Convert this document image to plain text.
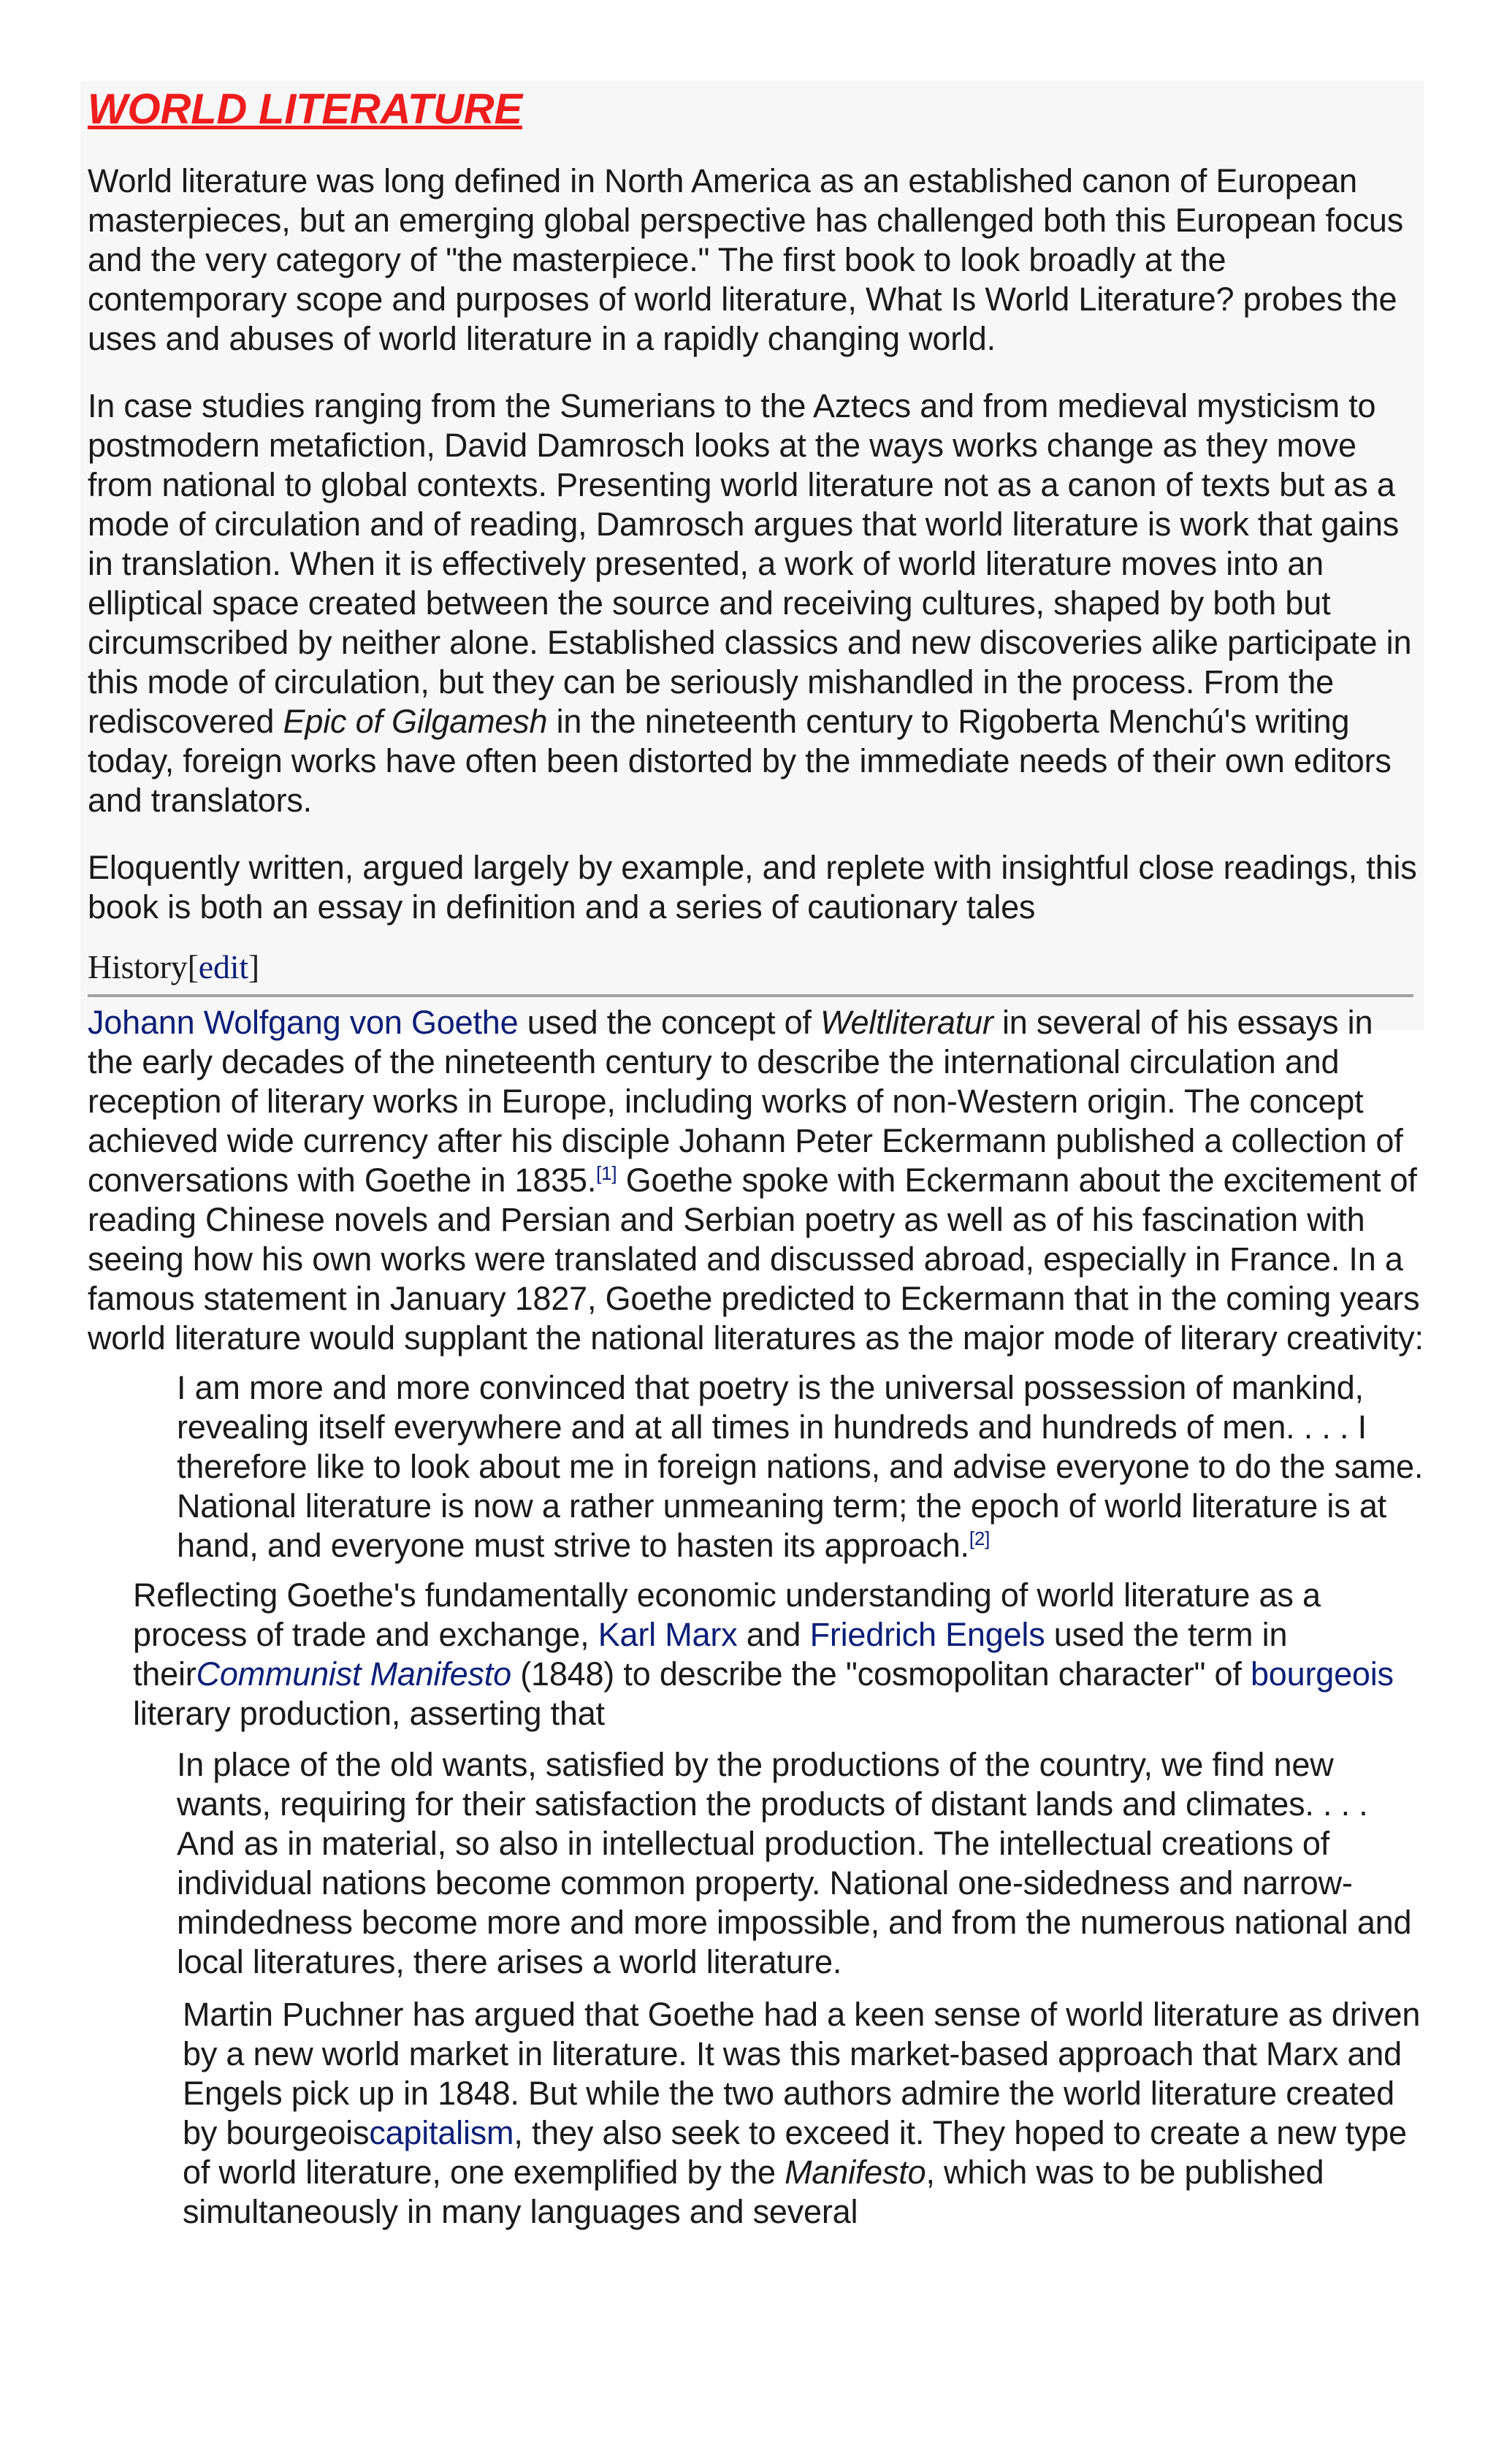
WORLD LITERATURE

World literature was long defined in North America as an established canon of European masterpieces, but an emerging global perspective has challenged both this European focus and the very category of "the masterpiece." The first book to look broadly at the contemporary scope and purposes of world literature, What Is World Literature? probes the uses and abuses of world literature in a rapidly changing world.

In case studies ranging from the Sumerians to the Aztecs and from medieval mysticism to postmodern metafiction, David Damrosch looks at the ways works change as they move from national to global contexts. Presenting world literature not as a canon of texts but as a mode of circulation and of reading, Damrosch argues that world literature is work that gains in translation. When it is effectively presented, a work of world literature moves into an elliptical space created between the source and receiving cultures, shaped by both but circumscribed by neither alone. Established classics and new discoveries alike participate in this mode of circulation, but they can be seriously mishandled in the process. From the rediscovered Epic of Gilgamesh in the nineteenth century to Rigoberta Menchú's writing today, foreign works have often been distorted by the immediate needs of their own editors and translators.

Eloquently written, argued largely by example, and replete with insightful close readings, this book is both an essay in definition and a series of cautionary tales

History[edit]

Johann Wolfgang von Goethe used the concept of Weltliteratur in several of his essays in the early decades of the nineteenth century to describe the international circulation and reception of literary works in Europe, including works of non-Western origin. The concept achieved wide currency after his disciple Johann Peter Eckermann published a collection of conversations with Goethe in 1835.[1] Goethe spoke with Eckermann about the excitement of reading Chinese novels and Persian and Serbian poetry as well as of his fascination with seeing how his own works were translated and discussed abroad, especially in France. In a famous statement in January 1827, Goethe predicted to Eckermann that in the coming years world literature would supplant the national literatures as the major mode of literary creativity:

I am more and more convinced that poetry is the universal possession of mankind, revealing itself everywhere and at all times in hundreds and hundreds of men. . . . I therefore like to look about me in foreign nations, and advise everyone to do the same. National literature is now a rather unmeaning term; the epoch of world literature is at hand, and everyone must strive to hasten its approach.[2]

Reflecting Goethe's fundamentally economic understanding of world literature as a process of trade and exchange, Karl Marx and Friedrich Engels used the term in theirCommunist Manifesto (1848) to describe the "cosmopolitan character" of bourgeois literary production, asserting that

In place of the old wants, satisfied by the productions of the country, we find new wants, requiring for their satisfaction the products of distant lands and climates. . . . And as in material, so also in intellectual production. The intellectual creations of individual nations become common property. National one-sidedness and narrow-mindedness become more and more impossible, and from the numerous national and local literatures, there arises a world literature.

Martin Puchner has argued that Goethe had a keen sense of world literature as driven by a new world market in literature. It was this market-based approach that Marx and Engels pick up in 1848. But while the two authors admire the world literature created by bourgeoiscapitalism, they also seek to exceed it. They hoped to create a new type of world literature, one exemplified by the Manifesto, which was to be published simultaneously in many languages and several
